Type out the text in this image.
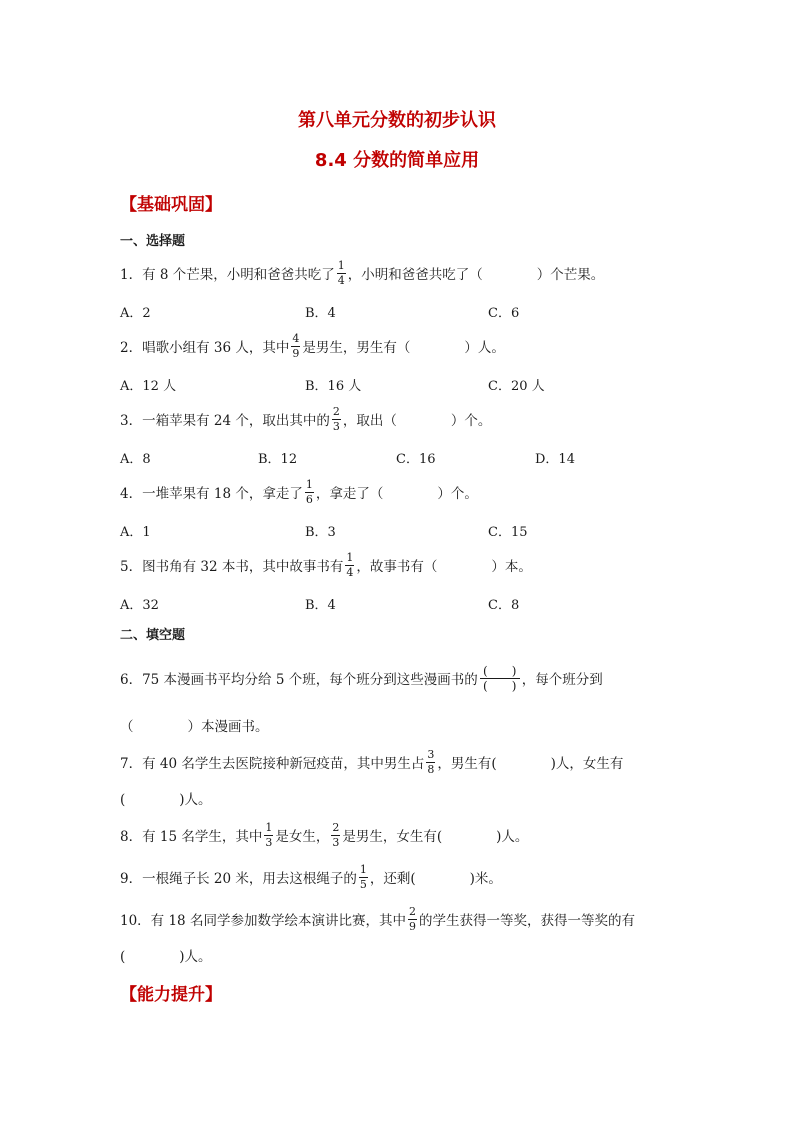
第八单元分数的初步认识
8.4 分数的简单应用
【基础巩固】
一、选择题
1．有 8 个芒果，小明和爸爸共吃了 $\frac{1}{4}$ ，小明和爸爸共吃了（　　　　）个芒果。
A．2	B．4	C．6
2．唱歌小组有 36 人，其中 $\frac{4}{9}$ 是男生，男生有（　　　　）人。
A．12 人	B．16 人	C．20 人
3．一箱苹果有 24 个，取出其中的 $\frac{2}{3}$ ，取出（　　　　）个。
A．8	B．12	C．16	D．14
4．一堆苹果有 18 个，拿走了 $\frac{1}{6}$ ，拿走了（　　　　）个。
A．1	B．3	C．15
5．图书角有 32 本书，其中故事书有 $\frac{1}{4}$ ，故事书有（　　　　）本。
A．32	B．4	C．8
二、填空题
6．75 本漫画书平均分给 5 个班，每个班分到这些漫画书的 $\frac{( )}{( )}$ ，每个班分到
（　　　　）本漫画书。
7．有 40 名学生去医院接种新冠疫苗，其中男生占 $\frac{3}{8}$ ，男生有(　　　　)人，女生有
(　　　　)人。
8．有 15 名学生，其中 $\frac{1}{3}$ 是女生， $\frac{2}{3}$ 是男生，女生有(　　　　)人。
9．一根绳子长 20 米，用去这根绳子的 $\frac{1}{5}$ ，还剩(　　　　)米。
10．有 18 名同学参加数学绘本演讲比赛，其中 $\frac{2}{9}$ 的学生获得一等奖，获得一等奖的有
(　　　　)人。
【能力提升】
